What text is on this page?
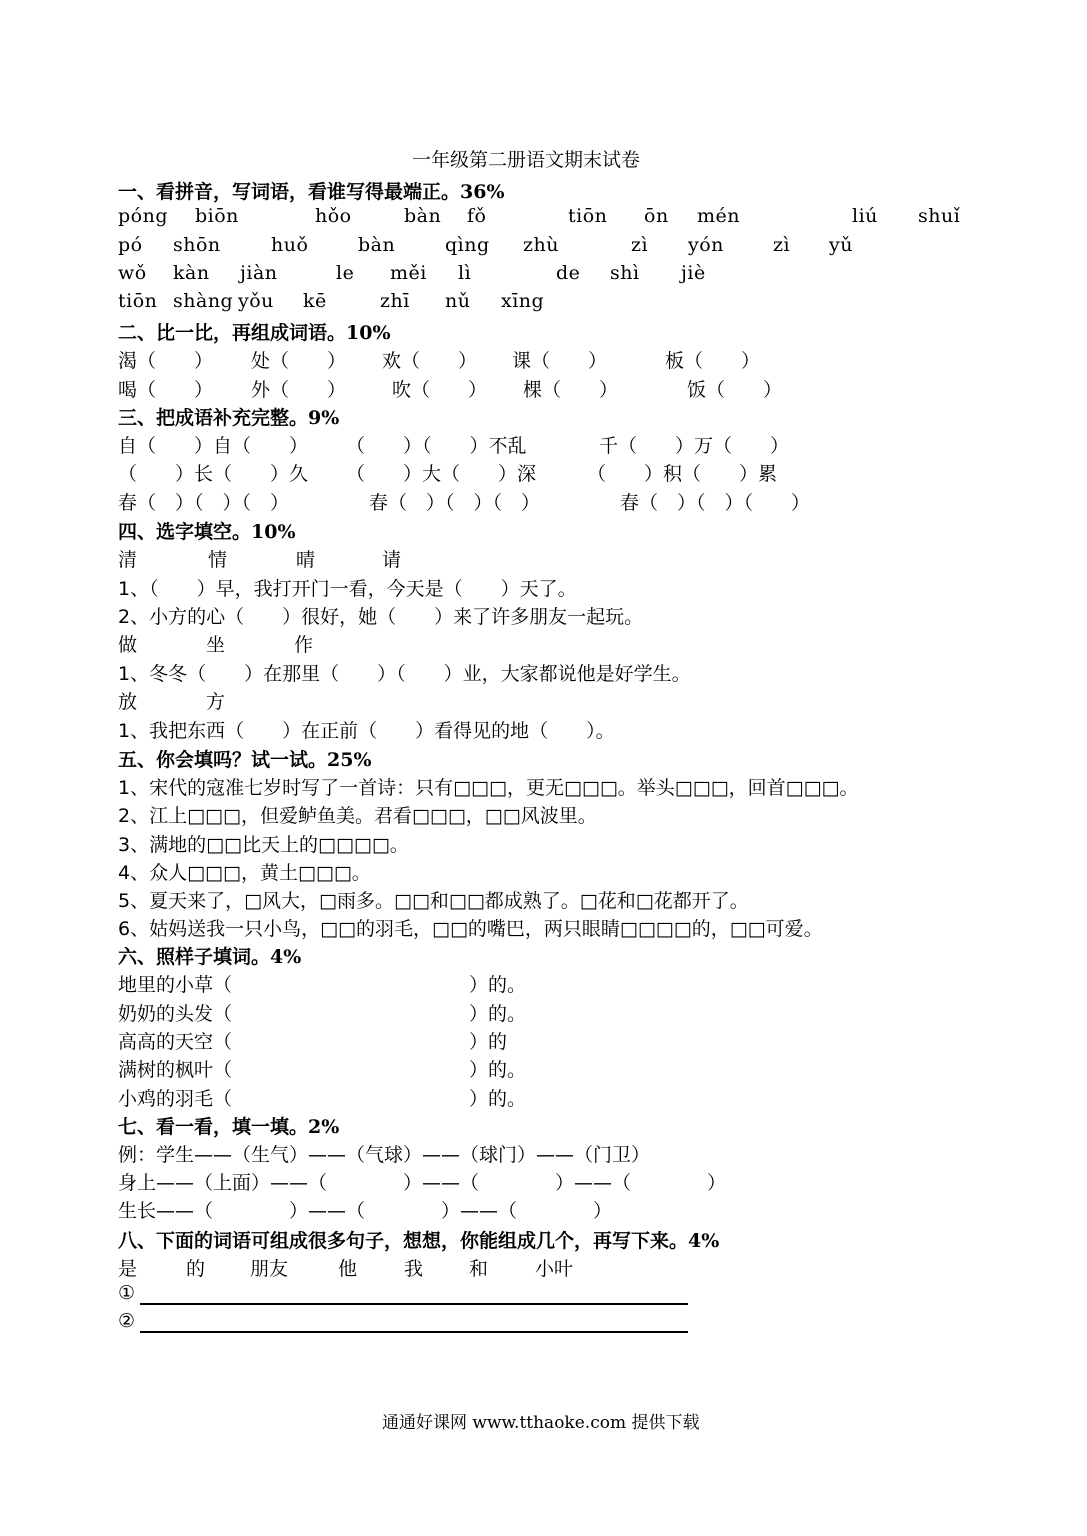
一年级第二册语文期末试卷
一、看拼音，写词语，看谁写得最端正。36%
póng biōn	hǒo	bàn fǒ	tiōn ōn mén	liú shuǐ
pó shōn	huǒ	bàn	qìng zhù	zì yón	zì yǔ
wǒ kàn jiàn	le měi lì	de shì jiè
tiōn shàng yǒu kē	zhī nǔ xīng
二、比一比，再组成词语。10%
渴（　　） 处（　　） 欢（　　） 课（　　）	板（　　）
喝（　　） 外（　　） 吹（　　） 棵（　　）	饭（　　）
三、把成语补充完整。9%
自（　　）自（　　） （　　）（　　）不乱	千（　　）万（　　）
（　　）长（　　）久 （　　）大（　　）深	（　　）积（　　）累
春（　）（　）（　）	春（　）（　）（　）	春（　）（　）（　　）
四、选字填空。10%
清	情	晴	请
1、（　　）早，我打开门一看，今天是（　　）天了。
2、小方的心（　　）很好，她（　　）来了许多朋友一起玩。
做	坐	作
1、冬冬（　　）在那里（　　）（　　）业，大家都说他是好学生。
放	方
1、我把东西（　　）在正前（　　）看得见的地（　　）。
五、你会填吗？试一试。25%
1、宋代的寇准七岁时写了一首诗：只有□□□，更无□□□。举头□□□，回首□□□。
2、江上□□□，但爱鲈鱼美。君看□□□，□□风波里。
3、满地的□□比天上的□□□□。
4、众人□□□，黄土□□□。
5、夏天来了，□风大，□雨多。□□和□□都成熟了。□花和□花都开了。
6、姑妈送我一只小鸟，□□的羽毛，□□的嘴巴，两只眼睛□□□□的，□□可爱。
六、照样子填词。4%
地里的小草（	）的。
奶奶的头发（	）的。
高高的天空（	）的
满树的枫叶（	）的。
小鸡的羽毛（	）的。
七、看一看，填一填。2%
例：学生——（生气）——（气球）——（球门）——（门卫）
身上——（上面）——（　　　　）——（　　　　）——（　　　　）
生长——（　　　　）——（　　　　）——（　　　　）
八、下面的词语可组成很多句子，想想，你能组成几个，再写下来。4%
是	的 朋友	他 我 和 小叶
①
②
通通好课网 www.tthaoke.com 提供下载
